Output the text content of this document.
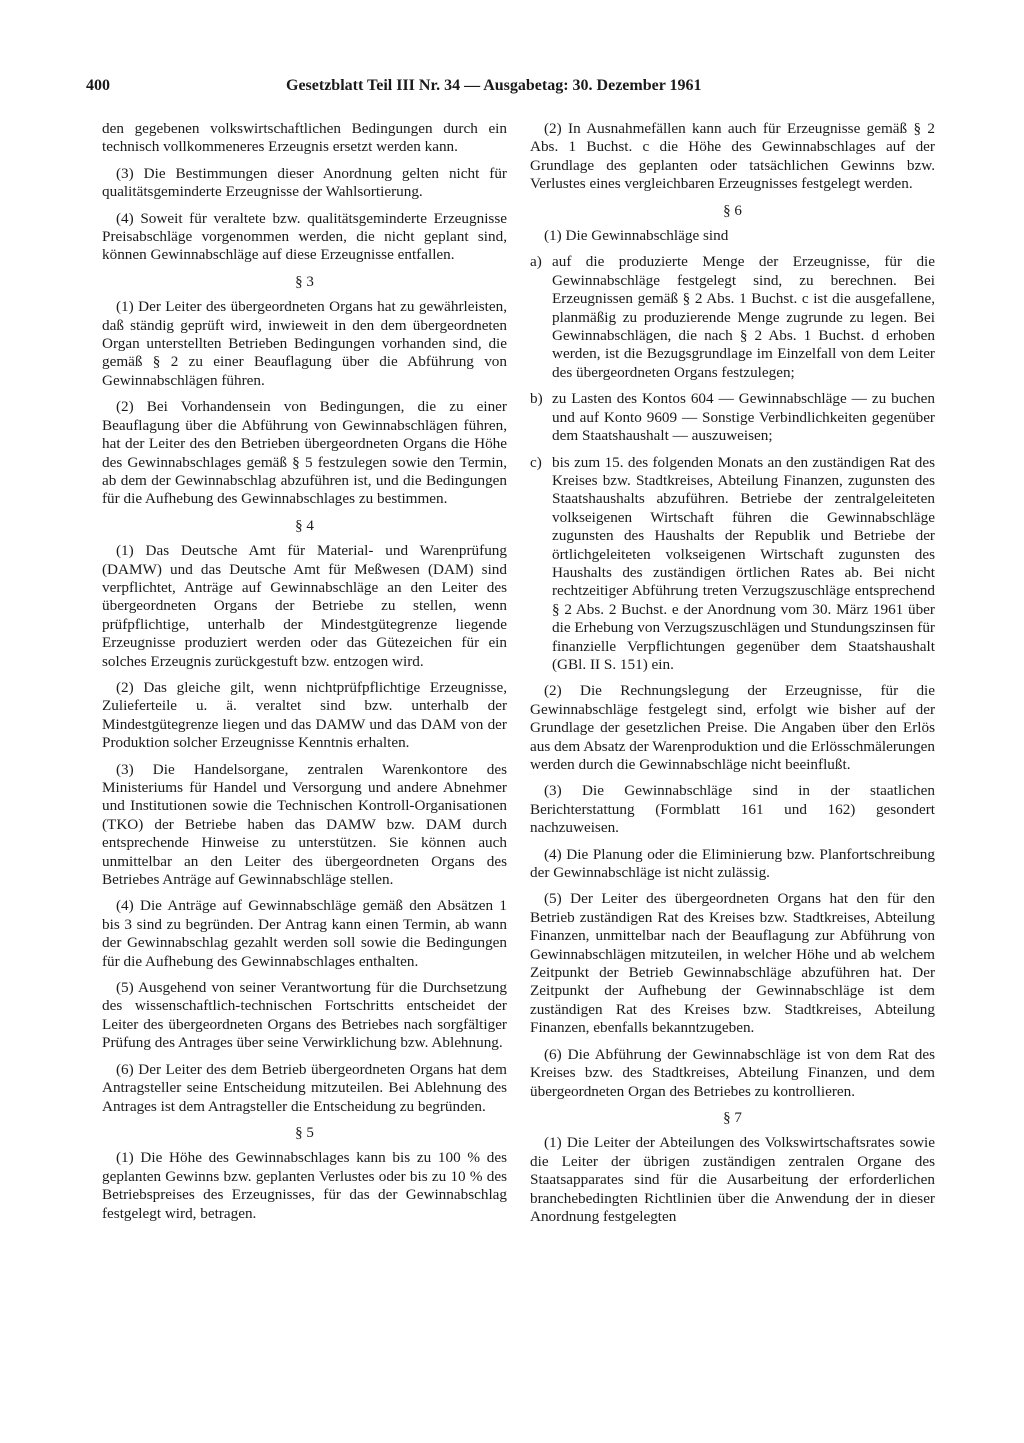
400	Gesetzblatt Teil III Nr. 34 — Ausgabetag: 30. Dezember 1961

den gegebenen volkswirtschaftlichen Bedingungen durch ein technisch vollkommeneres Erzeugnis ersetzt werden kann.

(3) Die Bestimmungen dieser Anordnung gelten nicht für qualitätsgeminderte Erzeugnisse der Wahlsortierung.

(4) Soweit für veraltete bzw. qualitätsgeminderte Erzeugnisse Preisabschläge vorgenommen werden, die nicht geplant sind, können Gewinnabschläge auf diese Erzeugnisse entfallen.

§ 3

(1) Der Leiter des übergeordneten Organs hat zu gewährleisten, daß ständig geprüft wird, inwieweit in den dem übergeordneten Organ unterstellten Betrieben Bedingungen vorhanden sind, die gemäß § 2 zu einer Beauflagung über die Abführung von Gewinnabschlägen führen.

(2) Bei Vorhandensein von Bedingungen, die zu einer Beauflagung über die Abführung von Gewinnabschlägen führen, hat der Leiter des den Betrieben übergeordneten Organs die Höhe des Gewinnabschlages gemäß § 5 festzulegen sowie den Termin, ab dem der Gewinnabschlag abzuführen ist, und die Bedingungen für die Aufhebung des Gewinnabschlages zu bestimmen.

§ 4

(1) Das Deutsche Amt für Material- und Warenprüfung (DAMW) und das Deutsche Amt für Meßwesen (DAM) sind verpflichtet, Anträge auf Gewinnabschläge an den Leiter des übergeordneten Organs der Betriebe zu stellen, wenn prüfpflichtige, unterhalb der Mindestgütegrenze liegende Erzeugnisse produziert werden oder das Gütezeichen für ein solches Erzeugnis zurückgestuft bzw. entzogen wird.

(2) Das gleiche gilt, wenn nichtprüfpflichtige Erzeugnisse, Zulieferteile u. ä. veraltet sind bzw. unterhalb der Mindestgütegrenze liegen und das DAMW und das DAM von der Produktion solcher Erzeugnisse Kenntnis erhalten.

(3) Die Handelsorgane, zentralen Warenkontore des Ministeriums für Handel und Versorgung und andere Abnehmer und Institutionen sowie die Technischen Kontroll-Organisationen (TKO) der Betriebe haben das DAMW bzw. DAM durch entsprechende Hinweise zu unterstützen. Sie können auch unmittelbar an den Leiter des übergeordneten Organs des Betriebes Anträge auf Gewinnabschläge stellen.

(4) Die Anträge auf Gewinnabschläge gemäß den Absätzen 1 bis 3 sind zu begründen. Der Antrag kann einen Termin, ab wann der Gewinnabschlag gezahlt werden soll sowie die Bedingungen für die Aufhebung des Gewinnabschlages enthalten.

(5) Ausgehend von seiner Verantwortung für die Durchsetzung des wissenschaftlich-technischen Fortschritts entscheidet der Leiter des übergeordneten Organs des Betriebes nach sorgfältiger Prüfung des Antrages über seine Verwirklichung bzw. Ablehnung.

(6) Der Leiter des dem Betrieb übergeordneten Organs hat dem Antragsteller seine Entscheidung mitzuteilen. Bei Ablehnung des Antrages ist dem Antragsteller die Entscheidung zu begründen.

§ 5

(1) Die Höhe des Gewinnabschlages kann bis zu 100 % des geplanten Gewinns bzw. geplanten Verlustes oder bis zu 10 % des Betriebspreises des Erzeugnisses, für das der Gewinnabschlag festgelegt wird, betragen.

(2) In Ausnahmefällen kann auch für Erzeugnisse gemäß § 2 Abs. 1 Buchst. c die Höhe des Gewinnabschlages auf der Grundlage des geplanten oder tatsächlichen Gewinns bzw. Verlustes eines vergleichbaren Erzeugnisses festgelegt werden.

§ 6

(1) Die Gewinnabschläge sind

a) auf die produzierte Menge der Erzeugnisse, für die Gewinnabschläge festgelegt sind, zu berechnen. Bei Erzeugnissen gemäß § 2 Abs. 1 Buchst. c ist die ausgefallene, planmäßig zu produzierende Menge zugrunde zu legen. Bei Gewinnabschlägen, die nach § 2 Abs. 1 Buchst. d erhoben werden, ist die Bezugsgrundlage im Einzelfall von dem Leiter des übergeordneten Organs festzulegen;
b) zu Lasten des Kontos 604 — Gewinnabschläge — zu buchen und auf Konto 9609 — Sonstige Verbindlichkeiten gegenüber dem Staatshaushalt — auszuweisen;
c) bis zum 15. des folgenden Monats an den zuständigen Rat des Kreises bzw. Stadtkreises, Abteilung Finanzen, zugunsten des Staatshaushalts abzuführen. Betriebe der zentralgeleiteten volkseigenen Wirtschaft führen die Gewinnabschläge zugunsten des Haushalts der Republik und Betriebe der örtlichgeleiteten volkseigenen Wirtschaft zugunsten des Haushalts des zuständigen örtlichen Rates ab. Bei nicht rechtzeitiger Abführung treten Verzugszuschläge entsprechend § 2 Abs. 2 Buchst. e der Anordnung vom 30. März 1961 über die Erhebung von Verzugszuschlägen und Stundungszinsen für finanzielle Verpflichtungen gegenüber dem Staatshaushalt (GBl. II S. 151) ein.

(2) Die Rechnungslegung der Erzeugnisse, für die Gewinnabschläge festgelegt sind, erfolgt wie bisher auf der Grundlage der gesetzlichen Preise. Die Angaben über den Erlös aus dem Absatz der Warenproduktion und die Erlösschmälerungen werden durch die Gewinnabschläge nicht beeinflußt.

(3) Die Gewinnabschläge sind in der staatlichen Berichterstattung (Formblatt 161 und 162) gesondert nachzuweisen.

(4) Die Planung oder die Eliminierung bzw. Planfortschreibung der Gewinnabschläge ist nicht zulässig.

(5) Der Leiter des übergeordneten Organs hat den für den Betrieb zuständigen Rat des Kreises bzw. Stadtkreises, Abteilung Finanzen, unmittelbar nach der Beauflagung zur Abführung von Gewinnabschlägen mitzuteilen, in welcher Höhe und ab welchem Zeitpunkt der Betrieb Gewinnabschläge abzuführen hat. Der Zeitpunkt der Aufhebung der Gewinnabschläge ist dem zuständigen Rat des Kreises bzw. Stadtkreises, Abteilung Finanzen, ebenfalls bekanntzugeben.

(6) Die Abführung der Gewinnabschläge ist von dem Rat des Kreises bzw. des Stadtkreises, Abteilung Finanzen, und dem übergeordneten Organ des Betriebes zu kontrollieren.

§ 7

(1) Die Leiter der Abteilungen des Volkswirtschaftsrates sowie die Leiter der übrigen zuständigen zentralen Organe des Staatsapparates sind für die Ausarbeitung der erforderlichen branchebedingten Richtlinien über die Anwendung der in dieser Anordnung festgelegten
